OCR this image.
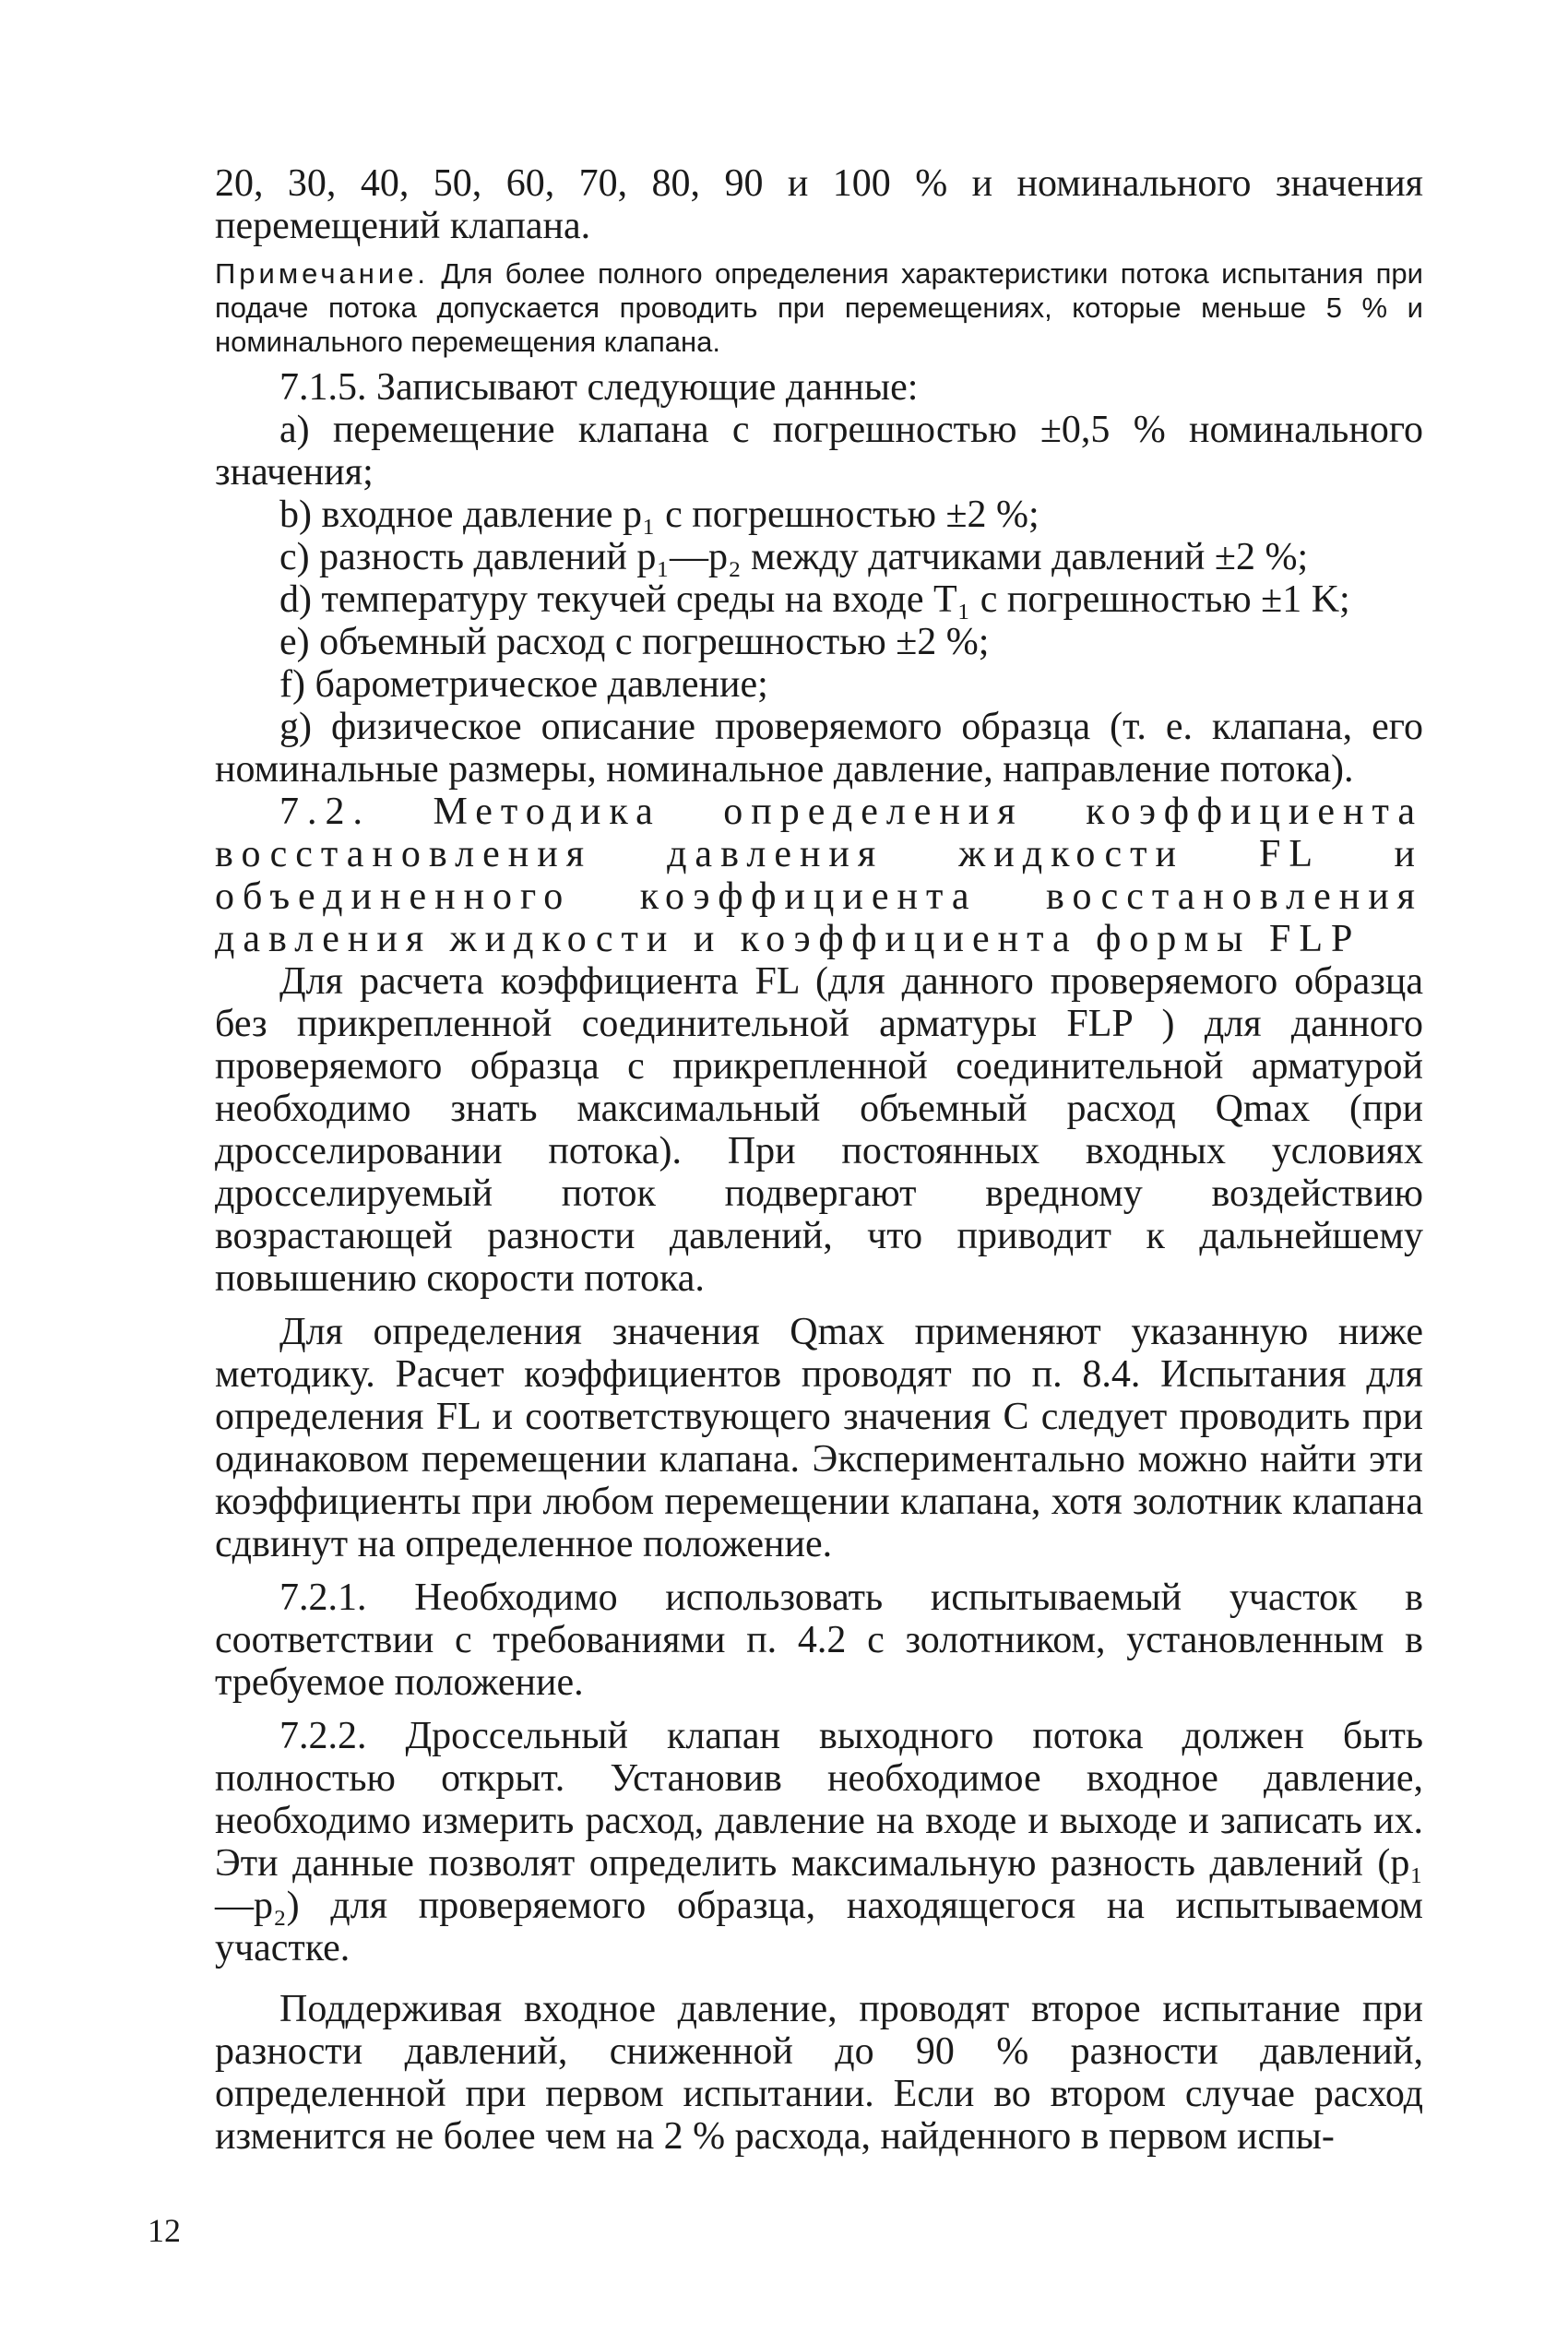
20, 30, 40, 50, 60, 70, 80, 90 и 100 % и номинального значения перемещений клапана.

Примечание. Для более полного определения характеристики потока испытания при подаче потока допускается проводить при перемещениях, которые меньше 5 % и номинального перемещения клапана.

7.1.5. Записывают следующие данные:

а) перемещение клапана с погрешностью ±0,5 % номинального значения;

b) входное давление p₁ с погрешностью ±2 %;

c) разность давлений p₁—p₂ между датчиками давлений ±2 %;

d) температуру текучей среды на входе T₁ с погрешностью ±1 K;

e) объемный расход с погрешностью ±2 %;

f) барометрическое давление;

g) физическое описание проверяемого образца (т. е. клапана, его номинальные размеры, номинальное давление, направление потока).

7.2. Методика определения коэффициента восстановления давления жидкости FL и объединенного коэффициента восстановления давления жидкости и коэффициента формы FLP

Для расчета коэффициента FL (для данного проверяемого образца без прикрепленной соединительной арматуры FLP ) для данного проверяемого образца с прикрепленной соединительной арматурой необходимо знать максимальный объемный расход Qmax (при дросселировании потока). При постоянных входных условиях дросселируемый поток подвергают вредному воздействию возрастающей разности давлений, что приводит к дальнейшему повышению скорости потока.

Для определения значения Qmax применяют указанную ниже методику. Расчет коэффициентов проводят по п. 8.4. Испытания для определения FL и соответствующего значения C следует проводить при одинаковом перемещении клапана. Экспериментально можно найти эти коэффициенты при любом перемещении клапана, хотя золотник клапана сдвинут на определенное положение.

7.2.1. Необходимо использовать испытываемый участок в соответствии с требованиями п. 4.2 с золотником, установленным в требуемое положение.

7.2.2. Дроссельный клапан выходного потока должен быть полностью открыт. Установив необходимое входное давление, необходимо измерить расход, давление на входе и выходе и записать их. Эти данные позволят определить максимальную разность давлений (p₁—p₂) для проверяемого образца, находящегося на испытываемом участке.

Поддерживая входное давление, проводят второе испытание при разности давлений, сниженной до 90 % разности давлений, определенной при первом испытании. Если во втором случае расход изменится не более чем на 2 % расхода, найденного в первом испы-

12
